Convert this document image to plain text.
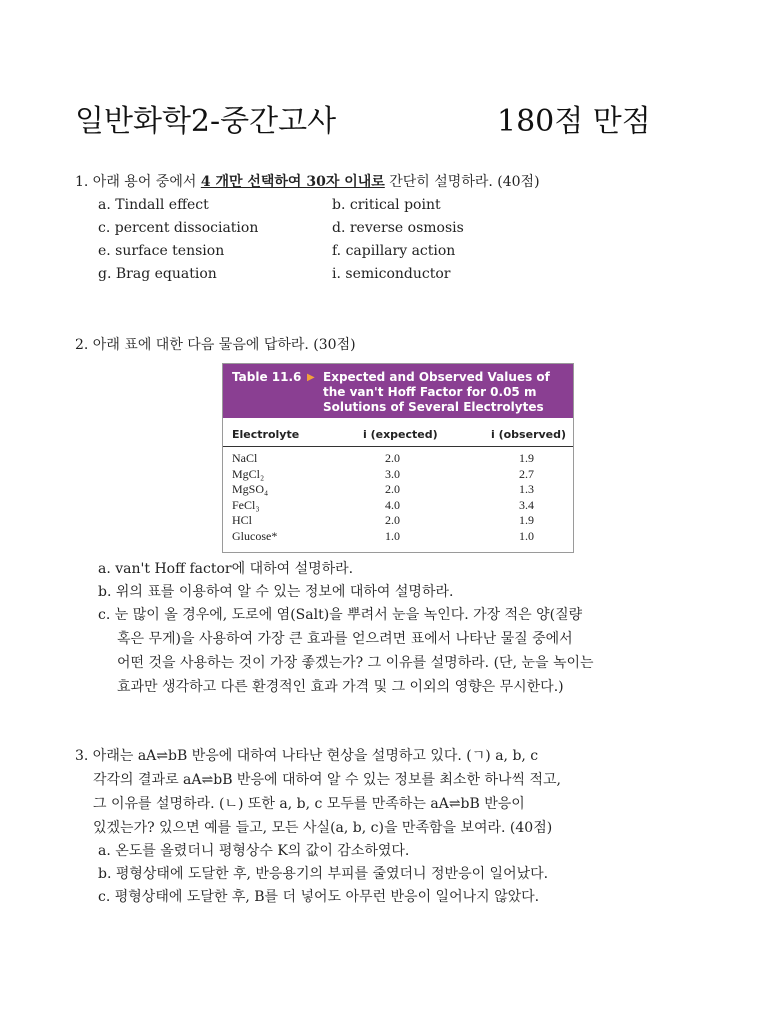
일반화학2-중간고사	180점 만점
1. 아래 용어 중에서 4 개만 선택하여 30자 이내로 간단히 설명하라. (40점)
a. Tindall effect	b. critical point
c. percent dissociation	d. reverse osmosis
e. surface tension	f. capillary action
g. Brag equation	i. semiconductor
2. 아래 표에 대한 다음 물음에 답하라. (30점)
Table 11.6 ▶ Expected and Observed Values of
the van't Hoff Factor for 0.05 m
Solutions of Several Electrolytes
Electrolyte	i (expected)	i (observed)
NaCl	2.0	1.9
MgCl₂	3.0	2.7
MgSO₄	2.0	1.3
FeCl₃	4.0	3.4
HCl	2.0	1.9
Glucose*	1.0	1.0
a. van't Hoff factor에 대하여 설명하라.
b. 위의 표를 이용하여 알 수 있는 정보에 대하여 설명하라.
c. 눈 많이 올 경우에, 도로에 염(Salt)을 뿌려서 눈을 녹인다. 가장 적은 양(질량
혹은 무게)을 사용하여 가장 큰 효과를 얻으려면 표에서 나타난 물질 중에서
어떤 것을 사용하는 것이 가장 좋겠는가? 그 이유를 설명하라. (단, 눈을 녹이는
효과만 생각하고 다른 환경적인 효과 가격 및 그 이외의 영향은 무시한다.)
3. 아래는 aA⇌bB 반응에 대하여 나타난 현상을 설명하고 있다. (ㄱ) a, b, c
각각의 결과로 aA⇌bB 반응에 대하여 알 수 있는 정보를 최소한 하나씩 적고,
그 이유를 설명하라. (ㄴ) 또한 a, b, c 모두를 만족하는 aA⇌bB 반응이
있겠는가? 있으면 예를 들고, 모든 사실(a, b, c)을 만족함을 보여라. (40점)
a. 온도를 올렸더니 평형상수 K의 값이 감소하였다.
b. 평형상태에 도달한 후, 반응용기의 부피를 줄였더니 정반응이 일어났다.
c. 평형상태에 도달한 후, B를 더 넣어도 아무런 반응이 일어나지 않았다.
